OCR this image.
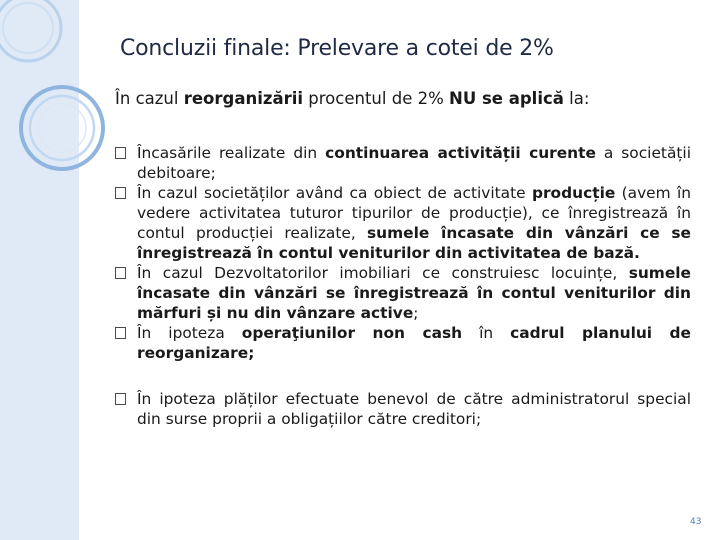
Concluzii finale: Prelevare a cotei de 2%
În cazul reorganizării procentul de 2% NU se aplică la:
Încasările realizate din continuarea activității curente a societății debitoare;
În cazul societăților având ca obiect de activitate producție (avem în vedere activitatea tuturor tipurilor de producție), ce înregistrează în contul producției realizate, sumele încasate din vânzări ce se înregistrează în contul veniturilor din activitatea de bază.
În cazul Dezvoltatorilor imobiliari ce construiesc locuințe, sumele încasate din vânzări se înregistrează în contul veniturilor din mărfuri și nu din vânzare active;
În ipoteza operaţiunilor non cash în cadrul planului de reorganizare;
În ipoteza plăților efectuate benevol de către administratorul special din surse proprii a obligațiilor către creditori;
43
